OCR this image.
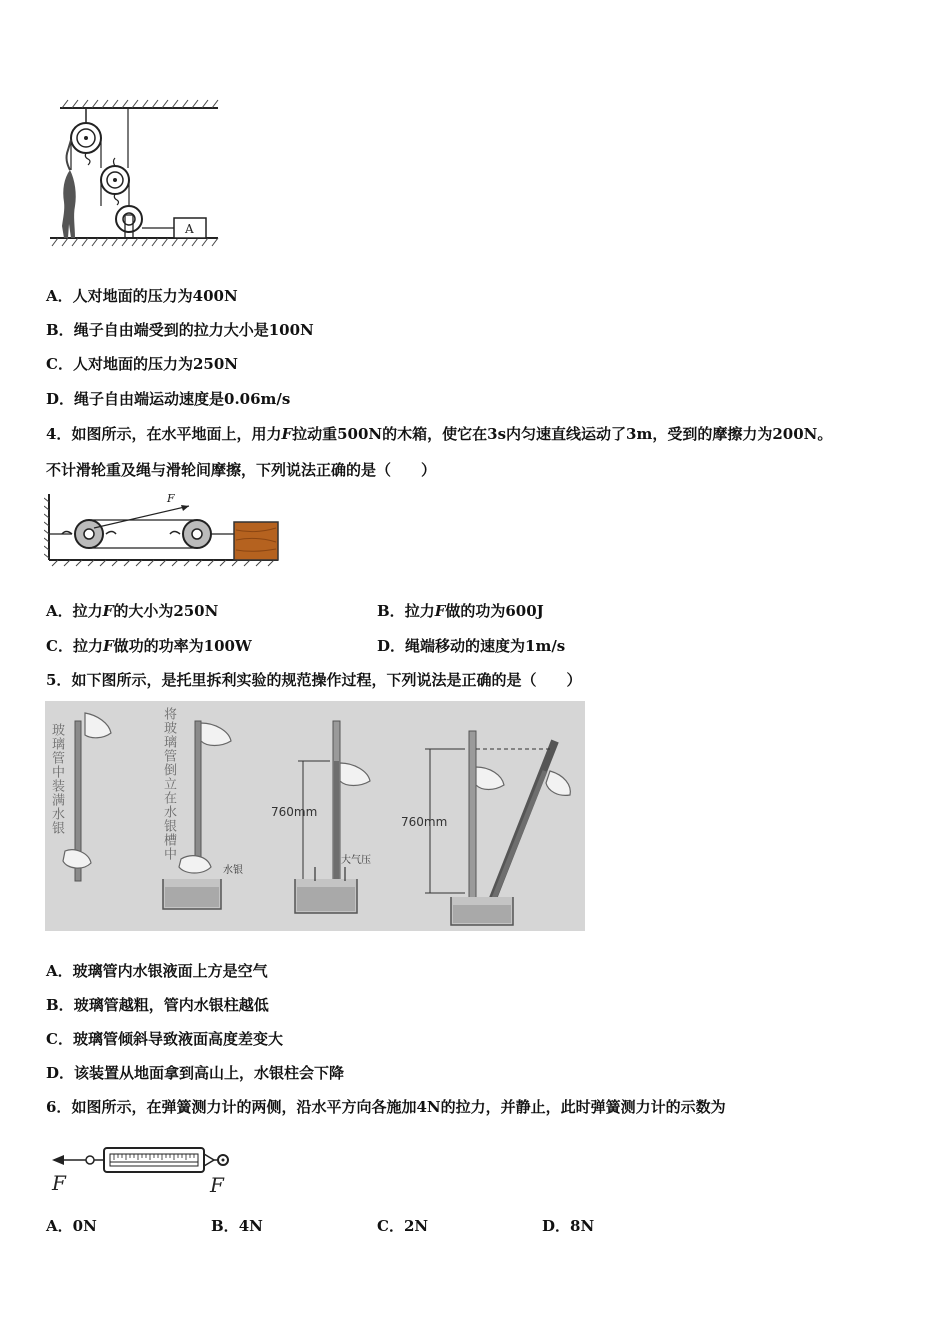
A
A．人对地面的压力为400N
B．绳子自由端受到的拉力大小是100N
C．人对地面的压力为250N
D．绳子自由端运动速度是0.06m/s
4．如图所示，在水平地面上，用力F拉动重500N的木箱，使它在3s内匀速直线运动了3m，受到的摩擦力为200N。
不计滑轮重及绳与滑轮间摩擦，下列说法正确的是（　　）
F
A．拉力F的大小为250N	B．拉力F做的功为600J
C．拉力F做功的功率为100W	D．绳端移动的速度为1m/s
5．如下图所示，是托里拆利实验的规范操作过程，下列说法是正确的是（　　）
玻璃管中装满水银	将玻璃管倒立在水银槽中
水银
大气压
760mm
760mm
A．玻璃管内水银液面上方是空气
B．玻璃管越粗，管内水银柱越低
C．玻璃管倾斜导致液面高度差变大
D．该装置从地面拿到高山上，水银柱会下降
6．如图所示，在弹簧测力计的两侧，沿水平方向各施加4N的拉力，并静止，此时弹簧测力计的示数为
F	F
A．0N	B．4N	C．2N	D．8N
